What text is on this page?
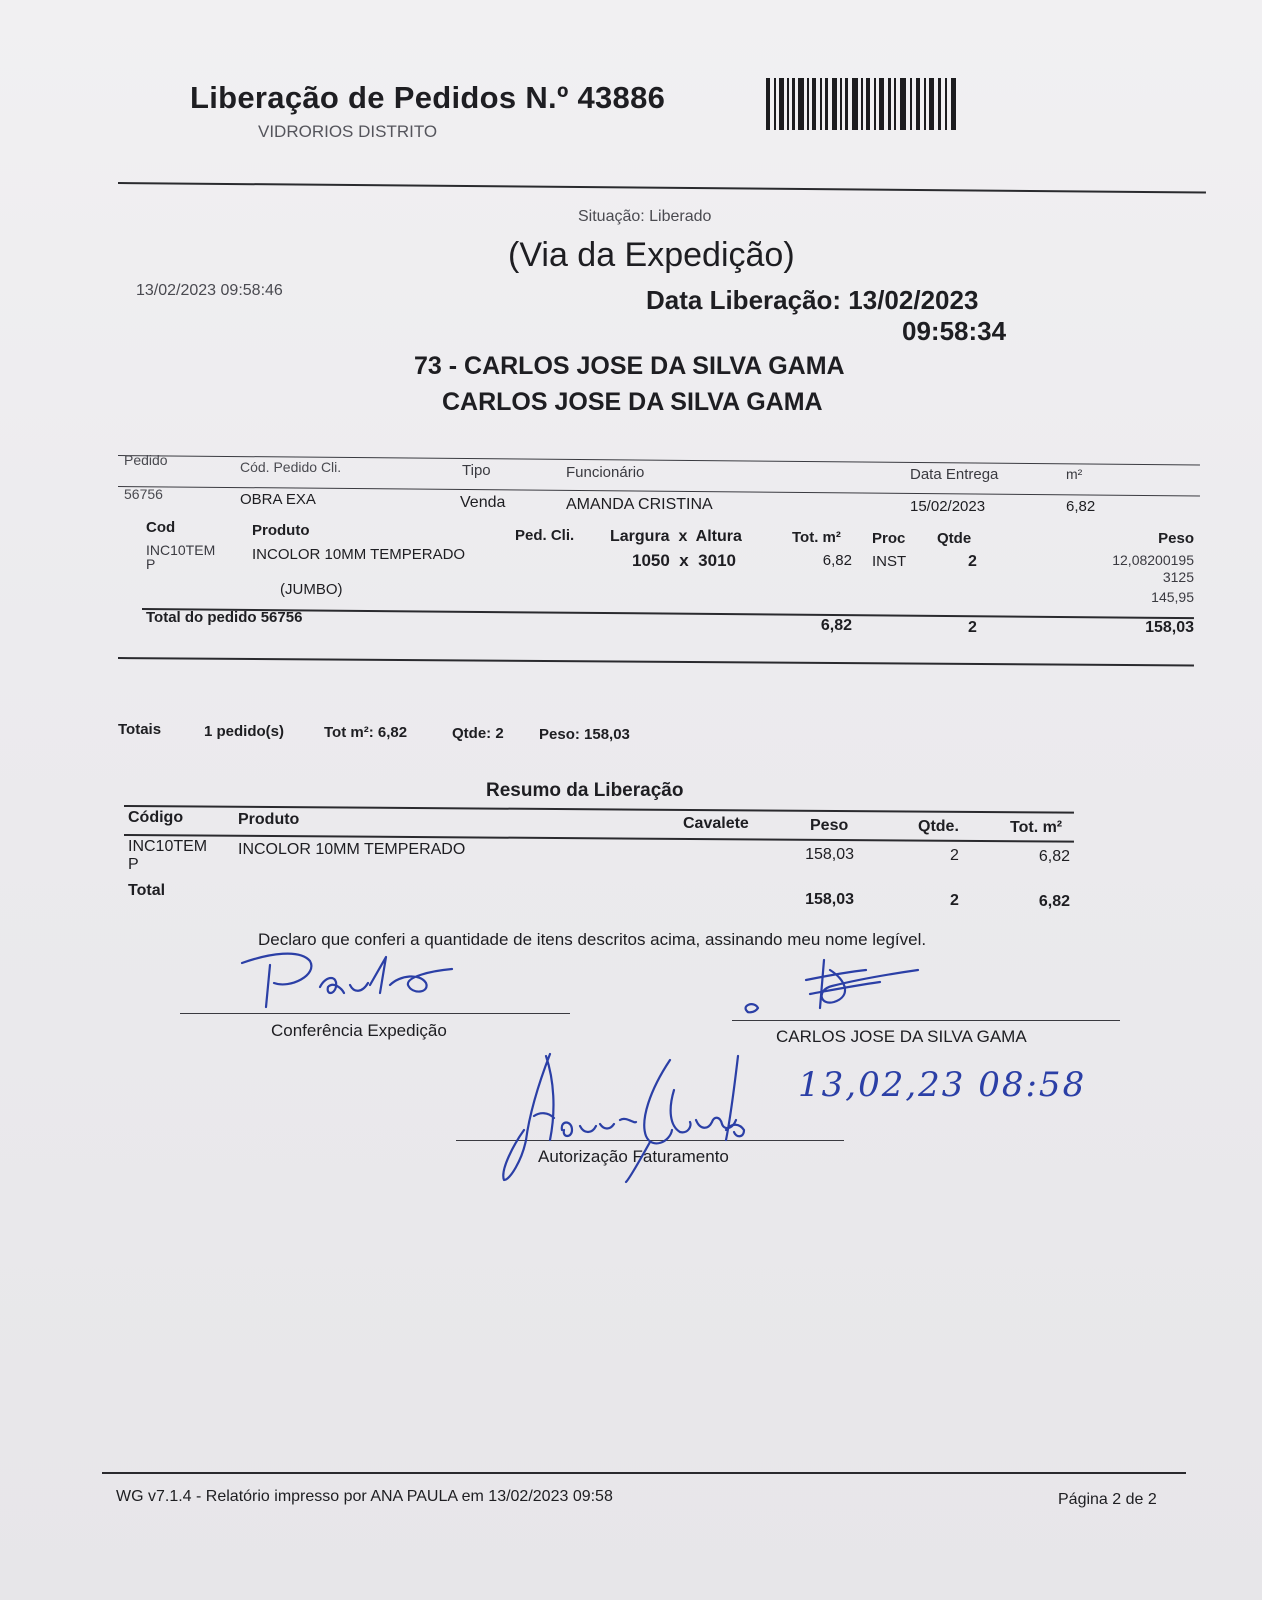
Liberação de Pedidos N.º 43886
VIDRORIOS DISTRITO
Situação: Liberado
(Via da Expedição)
13/02/2023 09:58:46	Data Liberação: 13/02/2023
09:58:34
73 - CARLOS JOSE DA SILVA GAMA
CARLOS JOSE DA SILVA GAMA
Pedido	Cód. Pedido Cli.	Tipo	Funcionário	Data Entrega	m²
56756	OBRA EXA	Venda	AMANDA CRISTINA	15/02/2023	6,82
Cod	Produto	Ped. Cli. Largura  x  Altura	Tot. m² Proc Qtde	Peso
INC10TEM
P
INCOLOR 10MM TEMPERADO	1050  x  3010	6,82 INST	2	12,08200195
3125
145,95
(JUMBO)
Total do pedido 56756	6,82	2	158,03
Totais	1 pedido(s)	Tot m²: 6,82	Qtde: 2 Peso: 158,03
Resumo da Liberação
Código	Produto	Cavalete	Peso	Qtde.	Tot. m²
INC10TEM
P
INCOLOR 10MM TEMPERADO	158,03	2	6,82
Total
158,03	2	6,82
Declaro que conferi a quantidade de itens descritos acima, assinando meu nome legível.
Conferência Expedição	CARLOS JOSE DA SILVA GAMA
Autorização Faturamento
13,02,23 08:58
WG v7.1.4 - Relatório impresso por ANA PAULA em 13/02/2023 09:58	Página 2 de 2
